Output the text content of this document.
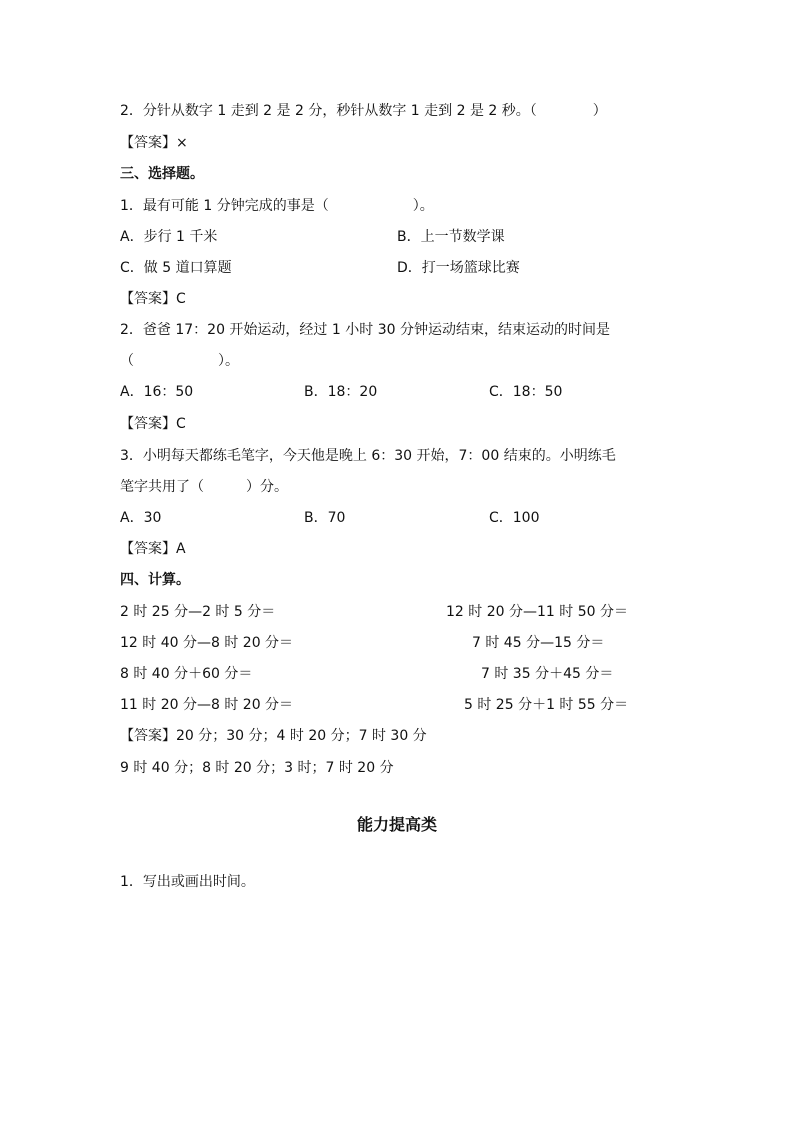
2．分针从数字 1 走到 2 是 2 分，秒针从数字 1 走到 2 是 2 秒。（　　　　）
【答案】×
三、选择题。
1．最有可能 1 分钟完成的事是（　　　　　　）。
A．步行 1 千米	B．上一节数学课
C．做 5 道口算题	D．打一场篮球比赛
【答案】C
2．爸爸 17：20 开始运动，经过 1 小时 30 分钟运动结束，结束运动的时间是
（　　　　　　）。
A．16：50	B．18：20	C．18：50
【答案】C
3．小明每天都练毛笔字，今天他是晚上 6：30 开始，7：00 结束的。小明练毛
笔字共用了（　　　）分。
A．30	B．70	C．100
【答案】A
四、计算。
2 时 25 分—2 时 5 分＝	12 时 20 分—11 时 50 分＝
12 时 40 分—8 时 20 分＝	7 时 45 分—15 分＝
8 时 40 分＋60 分＝	7 时 35 分＋45 分＝
11 时 20 分—8 时 20 分＝	5 时 25 分＋1 时 55 分＝
【答案】20 分；30 分；4 时 20 分；7 时 30 分
9 时 40 分；8 时 20 分；3 时；7 时 20 分
能力提高类
1．写出或画出时间。
